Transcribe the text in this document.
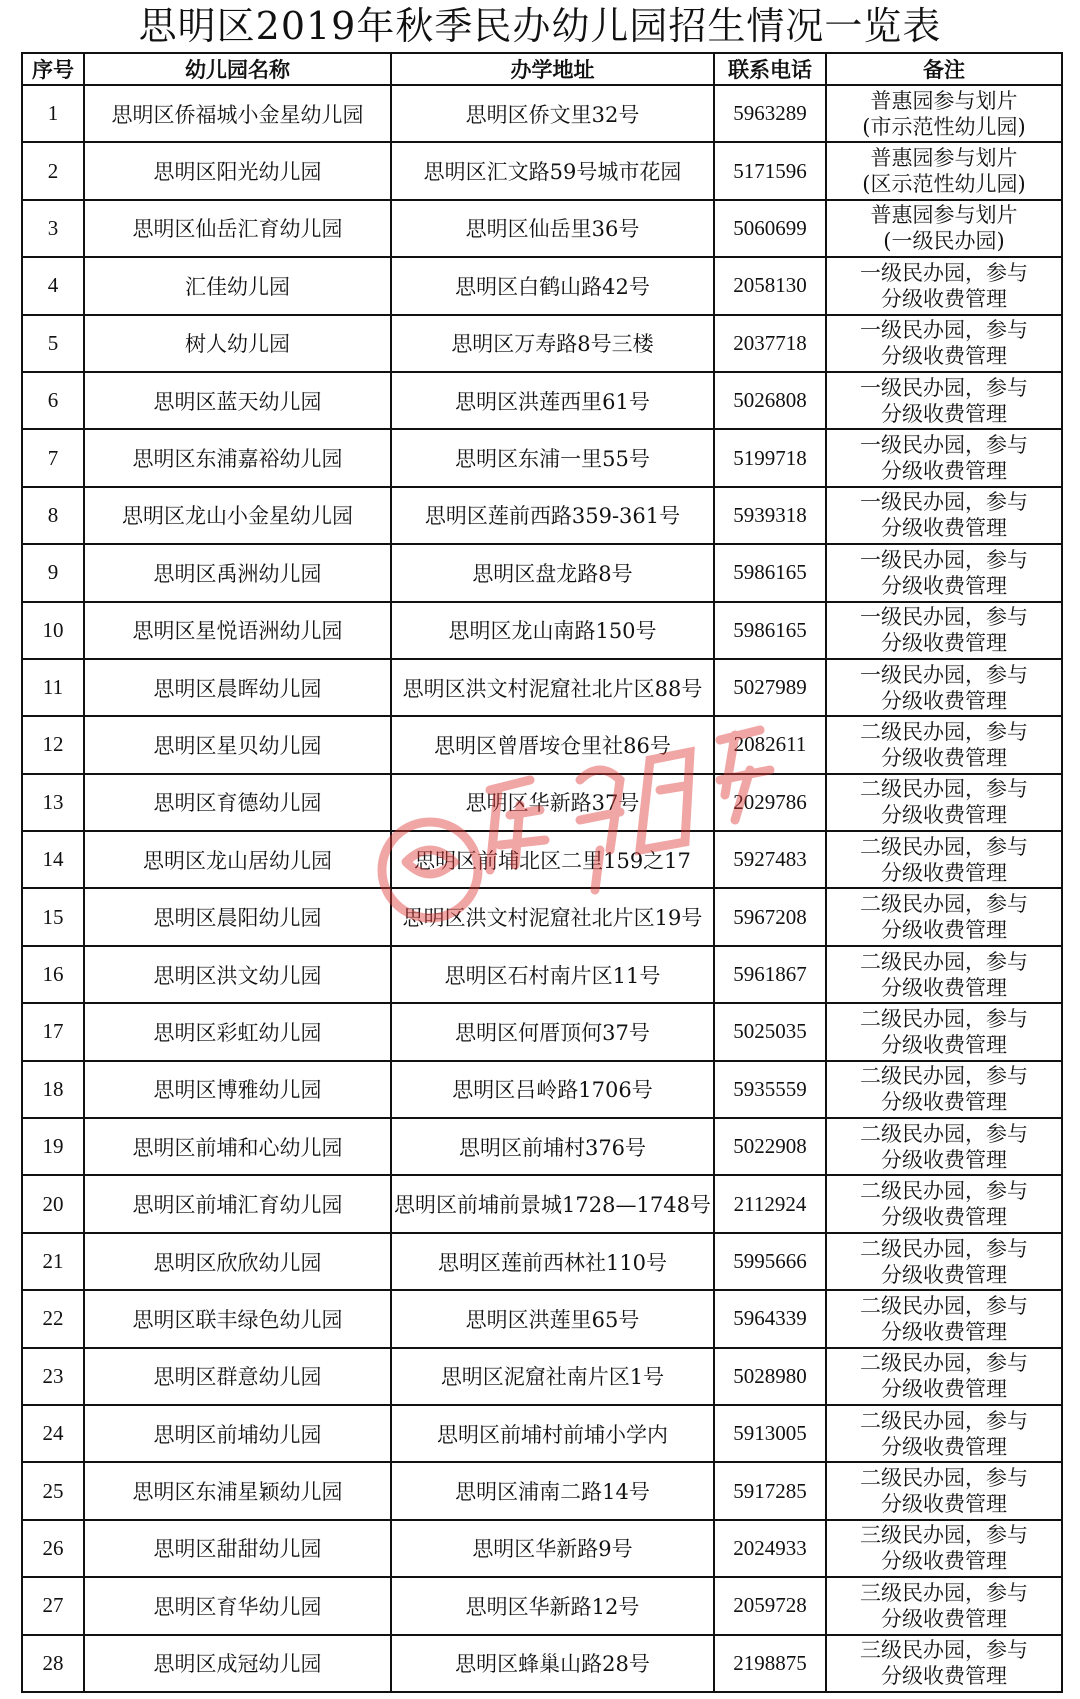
思明区2019年秋季民办幼儿园招生情况一览表
序号	幼儿园名称	办学地址	联系电话	备注
1	思明区侨福城小金星幼儿园	思明区侨文里32号	5963289	普惠园参与划片
(市示范性幼儿园)

2	思明区阳光幼儿园	思明区汇文路59号城市花园	5171596	普惠园参与划片
(区示范性幼儿园)

3	思明区仙岳汇育幼儿园	思明区仙岳里36号	5060699	普惠园参与划片
(一级民办园)

4	汇佳幼儿园	思明区白鹤山路42号	2058130	一级民办园，参与
分级收费管理

5	树人幼儿园	思明区万寿路8号三楼	2037718	一级民办园，参与
分级收费管理

6	思明区蓝天幼儿园	思明区洪莲西里61号	5026808	一级民办园，参与
分级收费管理

7	思明区东浦嘉裕幼儿园	思明区东浦一里55号	5199718	一级民办园，参与
分级收费管理

8	思明区龙山小金星幼儿园	思明区莲前西路359-361号	5939318	一级民办园，参与
分级收费管理

9	思明区禹洲幼儿园	思明区盘龙路8号	5986165	一级民办园，参与
分级收费管理

10	思明区星悦语洲幼儿园	思明区龙山南路150号	5986165	一级民办园，参与
分级收费管理

11	思明区晨晖幼儿园	思明区洪文村泥窟社北片区88号	5027989	一级民办园，参与
分级收费管理

12	思明区星贝幼儿园	思明区曾厝垵仓里社86号	2082611	二级民办园，参与
分级收费管理

13	思明区育德幼儿园	思明区华新路37号	2029786	二级民办园，参与
分级收费管理

14	思明区龙山居幼儿园	思明区前埔北区二里159之17	5927483	二级民办园，参与
分级收费管理

15	思明区晨阳幼儿园	思明区洪文村泥窟社北片区19号	5967208	二级民办园，参与
分级收费管理

16	思明区洪文幼儿园	思明区石村南片区11号	5961867	二级民办园，参与
分级收费管理

17	思明区彩虹幼儿园	思明区何厝顶何37号	5025035	二级民办园，参与
分级收费管理

18	思明区博雅幼儿园	思明区吕岭路1706号	5935559	二级民办园，参与
分级收费管理

19	思明区前埔和心幼儿园	思明区前埔村376号	5022908	二级民办园，参与
分级收费管理

20	思明区前埔汇育幼儿园	思明区前埔前景城1728—1748号	2112924	二级民办园，参与
分级收费管理

21	思明区欣欣幼儿园	思明区莲前西林社110号	5995666	二级民办园，参与
分级收费管理

22	思明区联丰绿色幼儿园	思明区洪莲里65号	5964339	二级民办园，参与
分级收费管理

23	思明区群意幼儿园	思明区泥窟社南片区1号	5028980	二级民办园，参与
分级收费管理

24	思明区前埔幼儿园	思明区前埔村前埔小学内	5913005	二级民办园，参与
分级收费管理

25	思明区东浦星颖幼儿园	思明区浦南二路14号	5917285	二级民办园，参与
分级收费管理

26	思明区甜甜幼儿园	思明区华新路9号	2024933	三级民办园，参与
分级收费管理

27	思明区育华幼儿园	思明区华新路12号	2059728	三级民办园，参与
分级收费管理

28	思明区成冠幼儿园	思明区蜂巢山路28号	2198875	三级民办园，参与
分级收费管理
